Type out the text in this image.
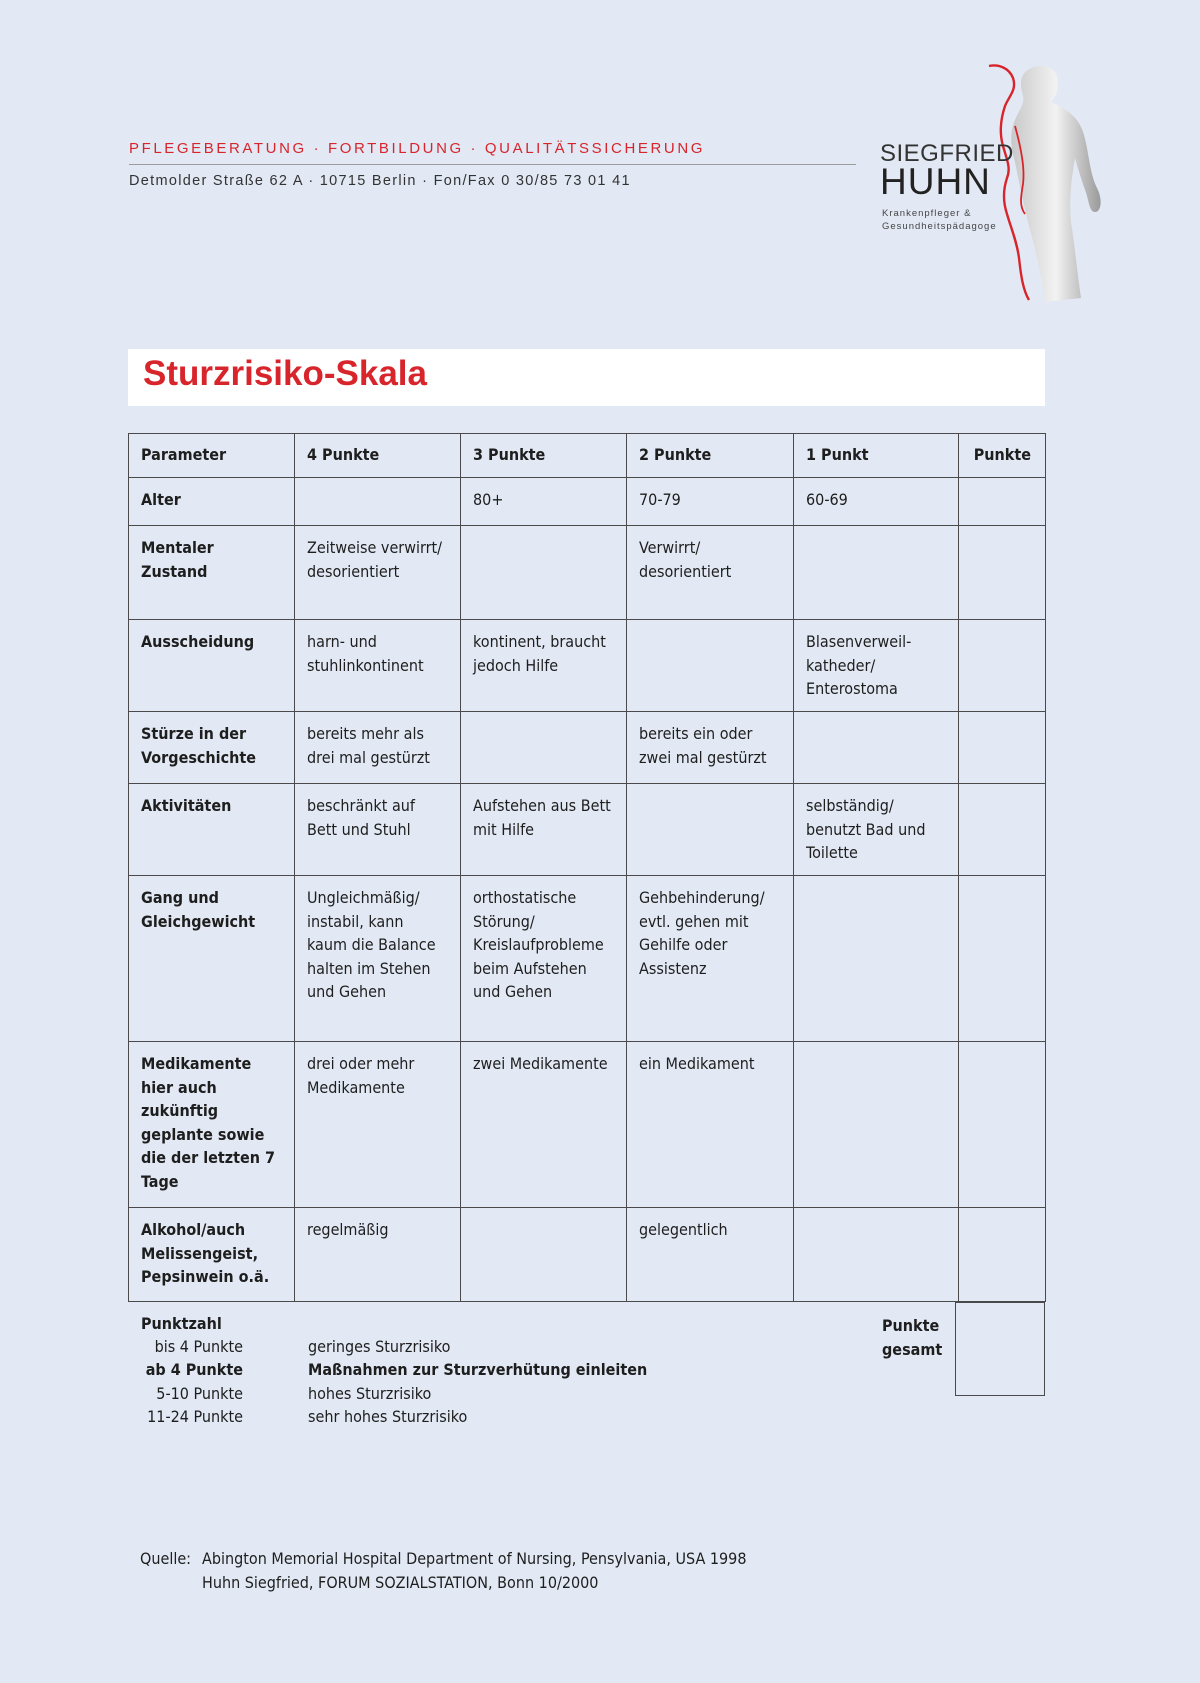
PFLEGEBERATUNG · FORTBILDUNG · QUALITÄTSSICHERUNG
Detmolder Straße 62 A · 10715 Berlin · Fon/Fax 0 30/85 73 01 41
SIEGFRIED
HUHN
Krankenpfleger &
Gesundheitspädagoge
Sturzrisiko-Skala
Parameter	4 Punkte	3 Punkte	2 Punkte	1 Punkt	Punkte
Alter		80+	70-79	60-69	
Mentaler Zustand	Zeitweise verwirrt/ desorientiert		Verwirrt/ desorientiert		
Ausscheidung	harn- und stuhlinkontinent	kontinent, braucht jedoch Hilfe		Blasenverweil- katheder/ Enterostoma	
Stürze in der Vorgeschichte	bereits mehr als drei mal gestürzt		bereits ein oder zwei mal gestürzt		
Aktivitäten	beschränkt auf Bett und Stuhl	Aufstehen aus Bett mit Hilfe		selbständig/ benutzt Bad und Toilette	
Gang und Gleichgewicht	Ungleichmäßig/ instabil, kann kaum die Balance halten im Stehen und Gehen	orthostatische Störung/ Kreislaufprobleme beim Aufstehen und Gehen	Gehbehinderung/ evtl. gehen mit Gehilfe oder Assistenz		
Medikamente hier auch zukünftig geplante sowie die der letzten 7 Tage	drei oder mehr Medikamente	zwei Medikamente	ein Medikament		
Alkohol/auch Melissengeist, Pepsinwein o.ä.	regelmäßig		gelegentlich		
Punktzahl
bis 4 Punkte	geringes Sturzrisiko
ab 4 Punkte	Maßnahmen zur Sturzverhütung einleiten
5-10 Punkte	hohes Sturzrisiko
11-24 Punkte	sehr hohes Sturzrisiko
Punkte gesamt
Quelle: Abington Memorial Hospital Department of Nursing, Pensylvania, USA 1998
Huhn Siegfried, FORUM SOZIALSTATION, Bonn 10/2000
